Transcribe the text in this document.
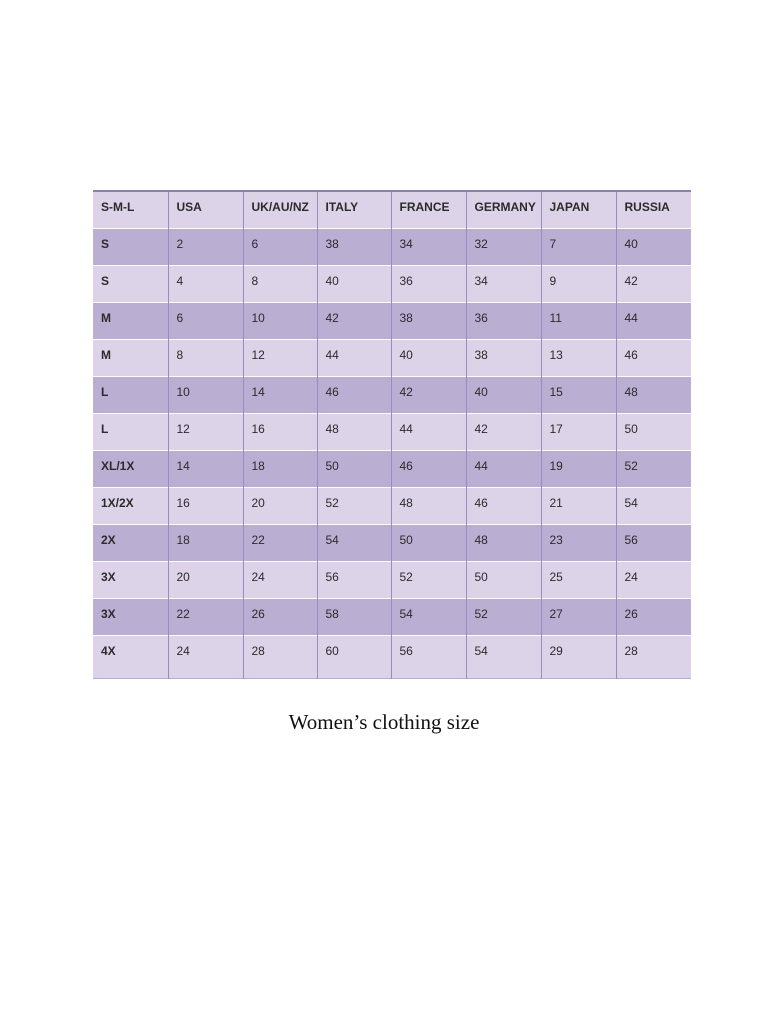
S-M-L	USA	UK/AU/NZ	ITALY	FRANCE	GERMANY	JAPAN	RUSSIA
S	2	6	38	34	32	7	40
S	4	8	40	36	34	9	42
M	6	10	42	38	36	11	44
M	8	12	44	40	38	13	46
L	10	14	46	42	40	15	48
L	12	16	48	44	42	17	50
XL/1X	14	18	50	46	44	19	52
1X/2X	16	20	52	48	46	21	54
2X	18	22	54	50	48	23	56
3X	20	24	56	52	50	25	24
3X	22	26	58	54	52	27	26
4X	24	28	60	56	54	29	28
Women’s clothing size
